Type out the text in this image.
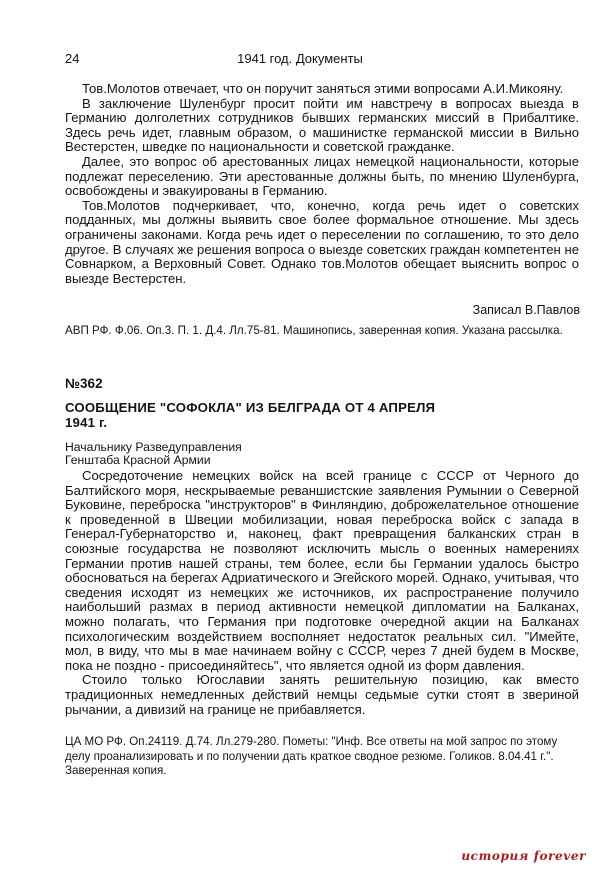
24	1941 год. Документы

Тов.Молотов отвечает, что он поручит заняться этими вопросами А.И.Микояну.

В заключение Шуленбург просит пойти им навстречу в вопросах выезда в Германию долголетних сотрудников бывших германских миссий в Прибалтике. Здесь речь идет, главным образом, о машинистке германской миссии в Вильно Вестерстен, шведке по национальности и советской гражданке.

Далее, это вопрос об арестованных лицах немецкой национальности, которые подлежат переселению. Эти арестованные должны быть, по мнению Шуленбурга, освобождены и эвакуированы в Германию.

Тов.Молотов подчеркивает, что, конечно, когда речь идет о советских подданных, мы должны выявить свое более формальное отношение. Мы здесь ограничены законами. Когда речь идет о переселении по соглашению, то это дело другое. В случаях же решения вопроса о выезде советских граждан компетентен не Совнарком, а Верховный Совет. Однако тов.Молотов обещает выяснить вопрос о выезде Вестерстен.

Записал В.Павлов
АВП РФ. Ф.06. Оп.3. П. 1. Д.4. Лл.75-81. Машинопись, заверенная копия. Указана рассылка.
№362
СООБЩЕНИЕ "СОФОКЛА" ИЗ БЕЛГРАДА ОТ 4 АПРЕЛЯ 1941 г.
Начальнику Разведуправления
Генштаба Красной Армии

Сосредоточение немецких войск на всей границе с СССР от Черного до Балтийского моря, нескрываемые реваншистские заявления Румынии о Северной Буковине, переброска "инструкторов" в Финляндию, доброжелательное отношение к проведенной в Швеции мобилизации, новая переброска войск с запада в Генерал-Губернаторство и, наконец, факт превращения балканских стран в союзные государства не позволяют исключить мысль о военных намерениях Германии против нашей страны, тем более, если бы Германии удалось быстро обосноваться на берегах Адриатического и Эгейского морей. Однако, учитывая, что сведения исходят из немецких же источников, их распространение получило наибольший размах в период активности немецкой дипломатии на Балканах, можно полагать, что Германия при подготовке очередной акции на Балканах психологическим воздействием восполняет недостаток реальных сил. "Имейте, мол, в виду, что мы в мае начинаем войну с СССР, через 7 дней будем в Москве, пока не поздно - присоединяйтесь", что является одной из форм давления.

Стоило только Югославии занять решительную позицию, как вместо традиционных немедленных действий немцы седьмые сутки стоят в звериной рычании, а дивизий на границе не прибавляется.

ЦА МО РФ. Оп.24119. Д.74. Лл.279-280. Пометы: "Инф. Все ответы на мой запрос по этому делу проанализировать и по получении дать краткое сводное резюме. Голиков. 8.04.41 г.". Заверенная копия.
история forever
